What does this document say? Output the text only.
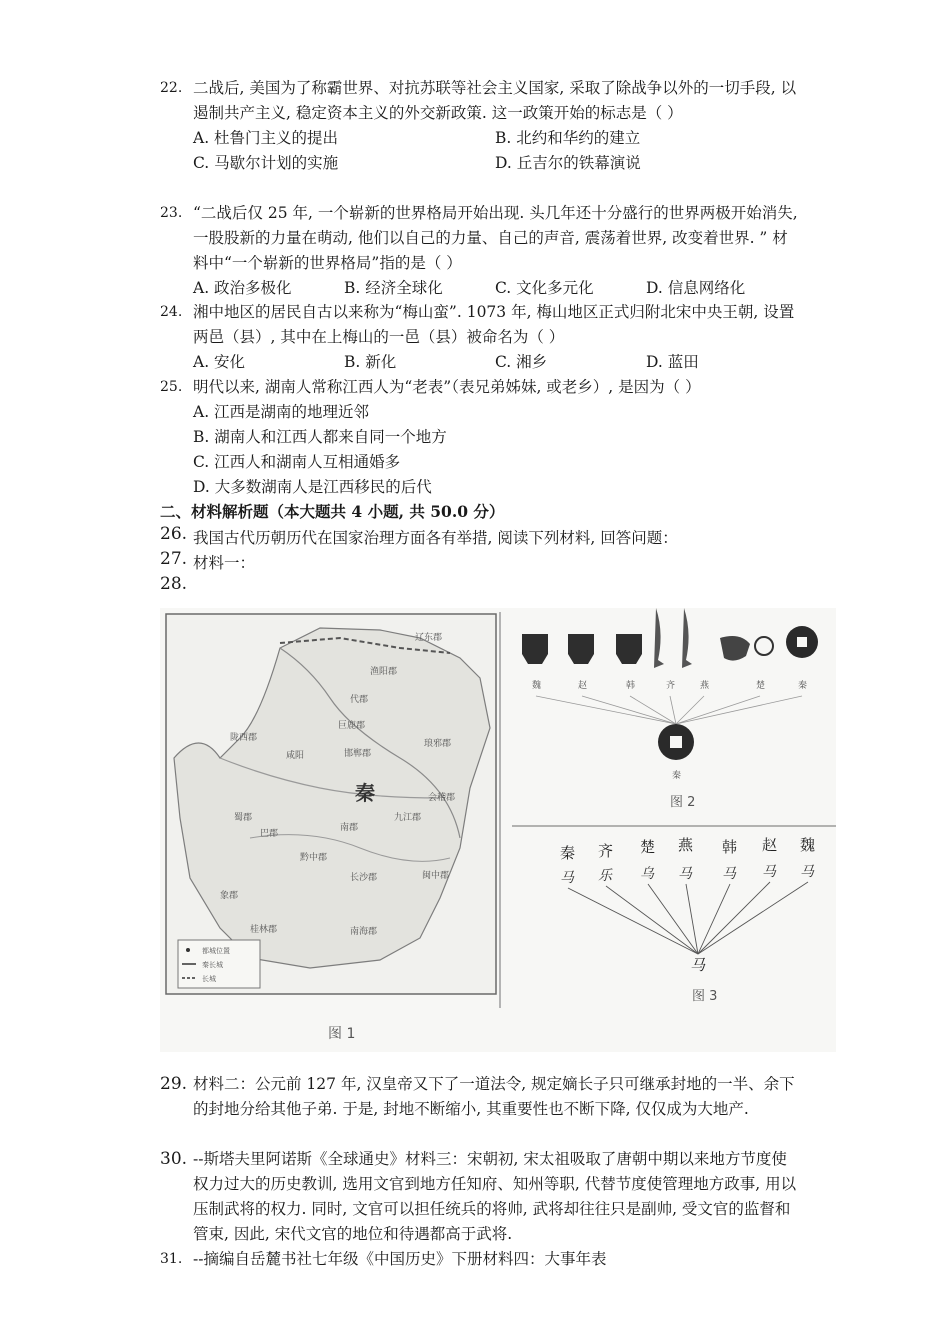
22. 二战后, 美国为了称霸世界、对抗苏联等社会主义国家, 采取了除战争以外的一切手段, 以遏制共产主义, 稳定资本主义的外交新政策. 这一政策开始的标志是（ ）
A. 杜鲁门主义的提出	B. 北约和华约的建立
C. 马歇尔计划的实施	D. 丘吉尔的铁幕演说
23. “二战后仅 25 年, 一个崭新的世界格局开始出现. 头几年还十分盛行的世界两极开始消失, 一股股新的力量在萌动, 他们以自己的力量、自己的声音, 震荡着世界, 改变着世界. ” 材料中“一个崭新的世界格局”指的是（ ）
A. 政治多极化	B. 经济全球化	C. 文化多元化	D. 信息网络化
24. 湘中地区的居民自古以来称为“梅山蛮”. 1073 年, 梅山地区正式归附北宋中央王朝, 设置两邑（县）, 其中在上梅山的一邑（县）被命名为（ ）
A. 安化	B. 新化	C. 湘乡	D. 蓝田
25. 明代以来, 湖南人常称江西人为“老表”（表兄弟姊妹, 或老乡）, 是因为（ ）
A. 江西是湖南的地理近邻
B. 湖南人和江西人都来自同一个地方
C. 江西人和湖南人互相通婚多
D. 大多数湖南人是江西移民的后代
二、材料解析题（本大题共 4 小题, 共 50.0 分）
26. 我国古代历朝历代在国家治理方面各有举措, 阅读下列材料, 回答问题：
27. 材料一：
28.
秦
辽东郡
渔阳郡
代郡
巨鹿郡
琅邪郡
陇西郡
咸阳	邯郸郡
巴郡
蜀郡
南郡
九江郡
会稽郡
黔中郡
长沙郡	闽中郡
桂林郡	南海郡
象郡
都城位置
秦长城
长城
图 1
魏	赵	韩	齐	燕	楚	秦
秦
图 2
秦 齐 楚 燕 韩 赵 魏
马 乐 乌 马 马 马 马
马
图 3
29. 材料二：公元前 127 年, 汉皇帝又下了一道法令, 规定嫡长子只可继承封地的一半、余下的封地分给其他子弟. 于是, 封地不断缩小, 其重要性也不断下降, 仅仅成为大地产.
30. --斯塔夫里阿诺斯《全球通史》材料三：宋朝初, 宋太祖吸取了唐朝中期以来地方节度使权力过大的历史教训, 选用文官到地方任知府、知州等职, 代替节度使管理地方政事, 用以压制武将的权力. 同时, 文官可以担任统兵的将帅, 武将却往往只是副帅, 受文官的监督和管束, 因此, 宋代文官的地位和待遇都高于武将.
31. --摘编自岳麓书社七年级《中国历史》下册材料四：大事年表
